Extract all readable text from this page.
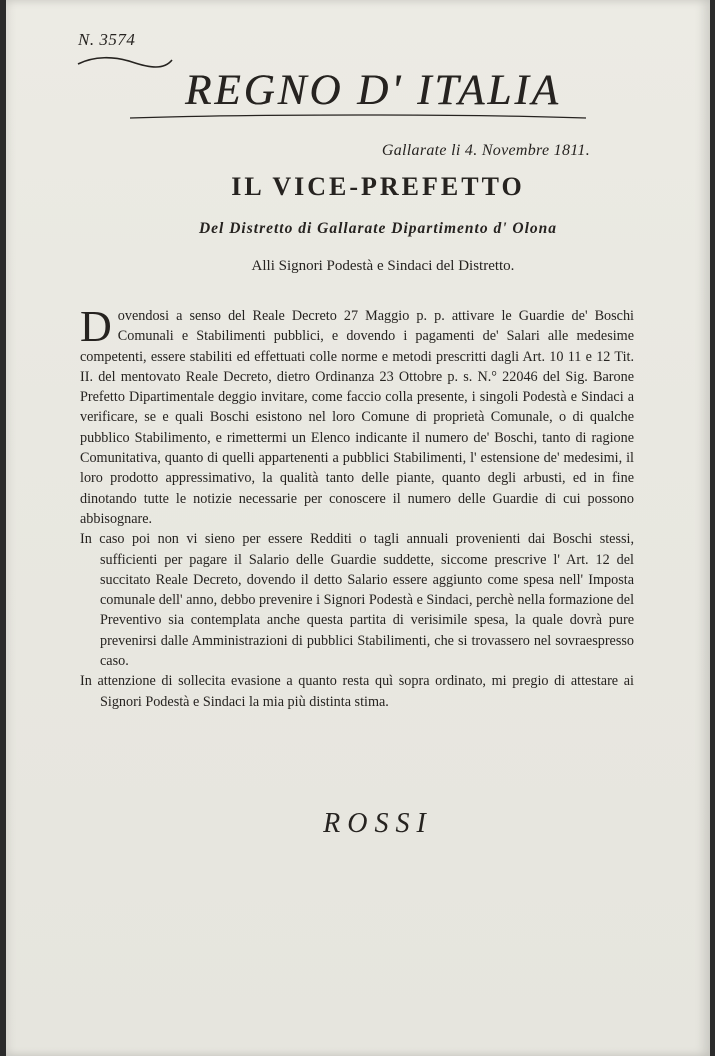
N. 3574
REGNO D' ITALIA
Gallarate li 4. Novembre 1811.
IL VICE-PREFETTO
Del Distretto di Gallarate Dipartimento d' Olona
Alli Signori Podestà e Sindaci del Distretto.

Dovendosi a senso del Reale Decreto 27 Maggio p. p. attivare le Guardie de' Boschi Comunali e Stabilimenti pubblici, e dovendo i pagamenti de' Salari alle medesime competenti, essere stabiliti ed effettuati colle norme e metodi prescritti dagli Art. 10 11 e 12 Tit. II. del mentovato Reale Decreto, dietro Ordinanza 23 Ottobre p. s. N.° 22046 del Sig. Barone Prefetto Dipartimentale deggio invitare, come faccio colla presente, i singoli Podestà e Sindaci a verificare, se e quali Boschi esistono nel loro Comune di proprietà Comunale, o di qualche pubblico Stabilimento, e rimettermi un Elenco indicante il numero de' Boschi, tanto di ragione Comunitativa, quanto di quelli appartenenti a pubblici Stabilimenti, l' estensione de' medesimi, il loro prodotto appressimativo, la qualità tanto delle piante, quanto degli arbusti, ed in fine dinotando tutte le notizie necessarie per conoscere il numero delle Guardie di cui possono abbisognare.

In caso poi non vi sieno per essere Redditi o tagli annuali provenienti dai Boschi stessi, sufficienti per pagare il Salario delle Guardie suddette, siccome prescrive l' Art. 12 del succitato Reale Decreto, dovendo il detto Salario essere aggiunto come spesa nell' Imposta comunale dell' anno, debbo prevenire i Signori Podestà e Sindaci, perchè nella formazione del Preventivo sia contemplata anche questa partita di verisimile spesa, la quale dovrà pure prevenirsi dalle Amministrazioni di pubblici Stabilimenti, che si trovassero nel sovraespresso caso.

In attenzione di sollecita evasione a quanto resta quì sopra ordinato, mi pregio di attestare ai Signori Podestà e Sindaci la mia più distinta stima.

ROSSI
